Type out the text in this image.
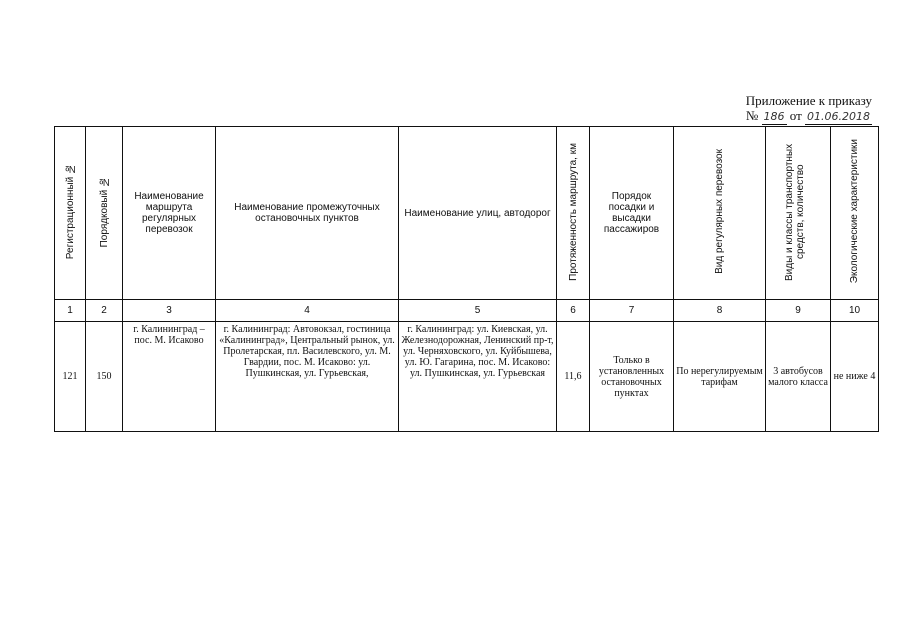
Приложение к приказу
№ 186 от 01.06.2018
Регистрационный №	Порядковый №	Наименование маршрута регулярных перевозок	Наименование промежуточных остановочных пунктов	Наименование улиц, автодорог	Протяженность маршрута, км	Порядок посадки и высадки пассажиров	Вид регулярных перевозок	Виды и классы транспортных средств, количество	Экологические характеристики
1	2	3	4	5	6	7	8	9	10
121	150	г. Калининград – пос. М. Исаково	г. Калининград: Автовокзал, гостиница «Калининград», Центральный рынок, ул. Пролетарская, пл. Василевского, ул. М. Гвардии, пос. М. Исаково: ул. Пушкинская, ул. Гурьевская,	г. Калининград: ул. Киевская, ул. Железнодорожная, Ленинский пр-т, ул. Черняховского, ул. Куйбышева, ул. Ю. Гагарина, пос. М. Исаково: ул. Пушкинская, ул. Гурьевская	11,6	Только в установленных остановочных пунктах	По нерегулируемым тарифам	3 автобусов малого класса	не ниже 4
